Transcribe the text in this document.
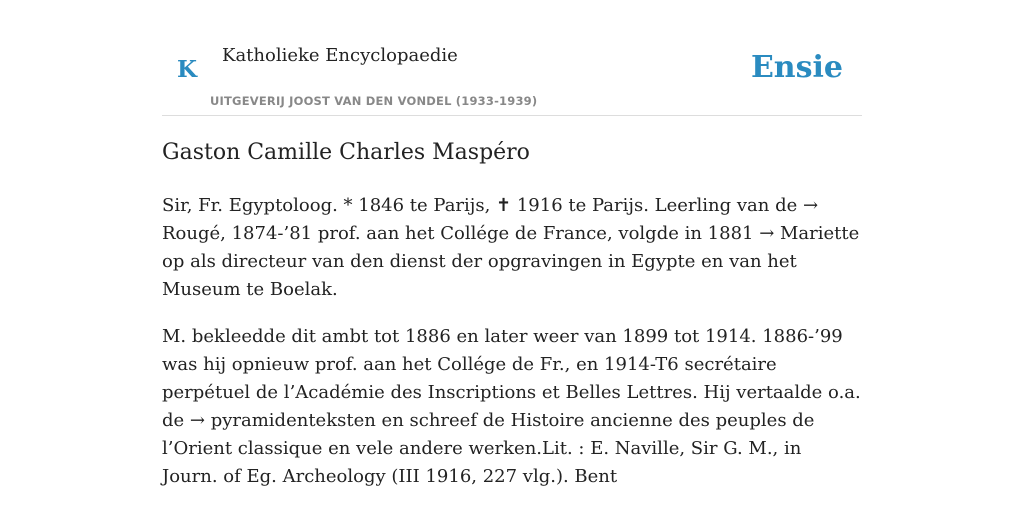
K
Katholieke Encyclopaedie
UITGEVERIJ JOOST VAN DEN VONDEL (1933-1939)
Ensie
Gaston Camille Charles Maspéro

Sir, Fr. Egyptoloog. * 1846 te Parijs, ✝ 1916 te Parijs. Leerling van de → Rougé, 1874-’81 prof. aan het Collége de France, volgde in 1881 → Mariette op als directeur van den dienst der opgravingen in Egypte en van het Museum te Boelak.

M. bekleedde dit ambt tot 1886 en later weer van 1899 tot 1914. 1886-’99 was hij opnieuw prof. aan het Collége de Fr., en 1914-T6 secrétaire perpétuel de l’Académie des Inscriptions et Belles Lettres. Hij vertaalde o.a. de → pyramidenteksten en schreef de Histoire ancienne des peuples de l’Orient classique en vele andere werken.Lit. : E. Naville, Sir G. M., in Journ. of Eg. Archeology (III 1916, 227 vlg.). Bent
